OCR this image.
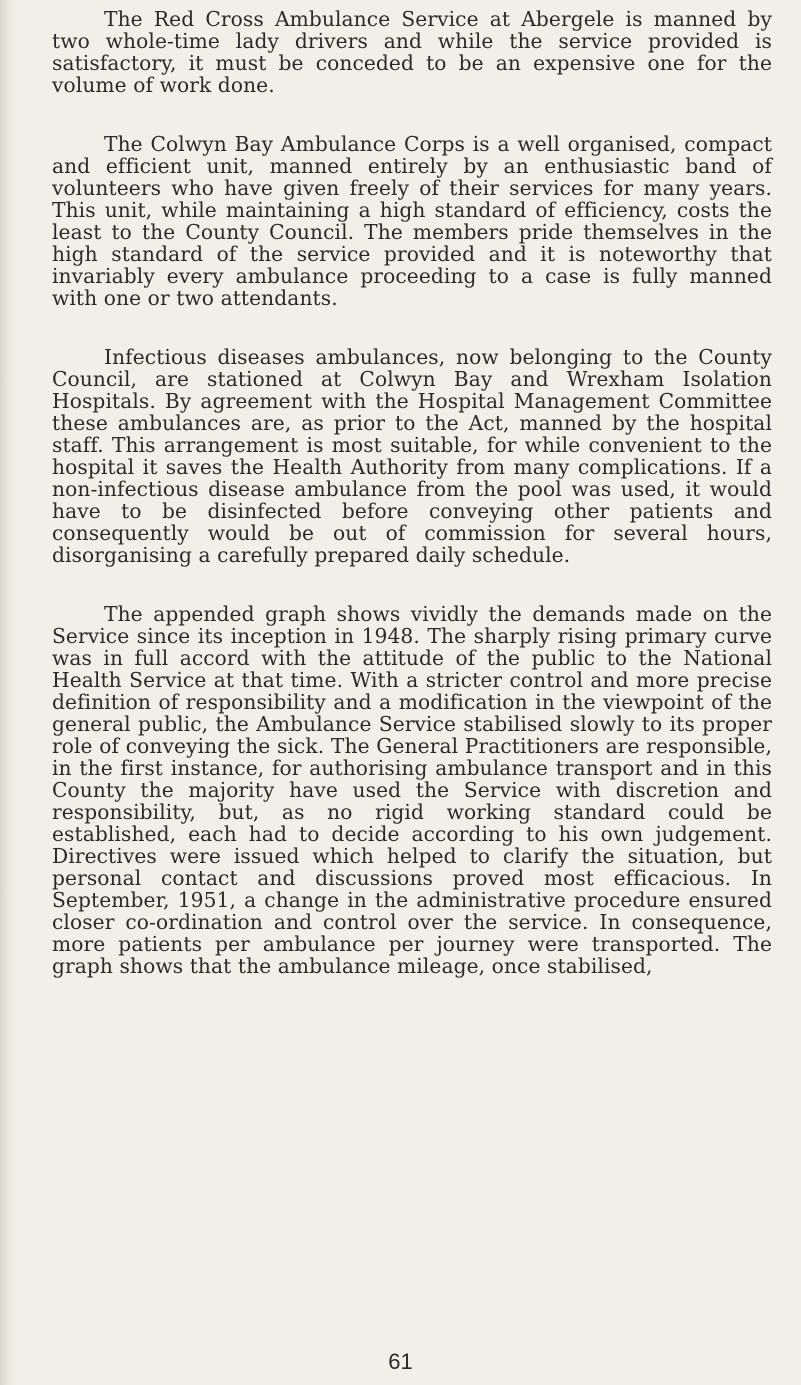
The Red Cross Ambulance Service at Abergele is manned by two whole-time lady drivers and while the service provided is satisfactory, it must be conceded to be an expensive one for the volume of work done.

The Colwyn Bay Ambulance Corps is a well organised, compact and efficient unit, manned entirely by an enthusiastic band of volunteers who have given freely of their services for many years. This unit, while maintaining a high standard of efficiency, costs the least to the County Council. The members pride themselves in the high standard of the service provided and it is noteworthy that invariably every ambulance proceeding to a case is fully manned with one or two attendants.

Infectious diseases ambulances, now belonging to the County Council, are stationed at Colwyn Bay and Wrexham Isolation Hospitals. By agreement with the Hospital Management Committee these ambulances are, as prior to the Act, manned by the hospital staff. This arrangement is most suitable, for while convenient to the hospital it saves the Health Authority from many complications. If a non-infectious disease ambulance from the pool was used, it would have to be disinfected before conveying other patients and consequently would be out of commission for several hours, disorganising a carefully prepared daily schedule.

The appended graph shows vividly the demands made on the Service since its inception in 1948. The sharply rising primary curve was in full accord with the attitude of the public to the National Health Service at that time. With a stricter control and more precise definition of responsibility and a modification in the viewpoint of the general public, the Ambulance Service stabilised slowly to its proper role of conveying the sick. The General Practitioners are responsible, in the first instance, for authorising ambulance transport and in this County the majority have used the Service with discretion and responsibility, but, as no rigid working standard could be established, each had to decide according to his own judgement. Directives were issued which helped to clarify the situation, but personal contact and discussions proved most efficacious. In September, 1951, a change in the administrative procedure ensured closer co-ordination and control over the service. In consequence, more patients per ambulance per journey were transported. The graph shows that the ambulance mileage, once stabilised,

61
